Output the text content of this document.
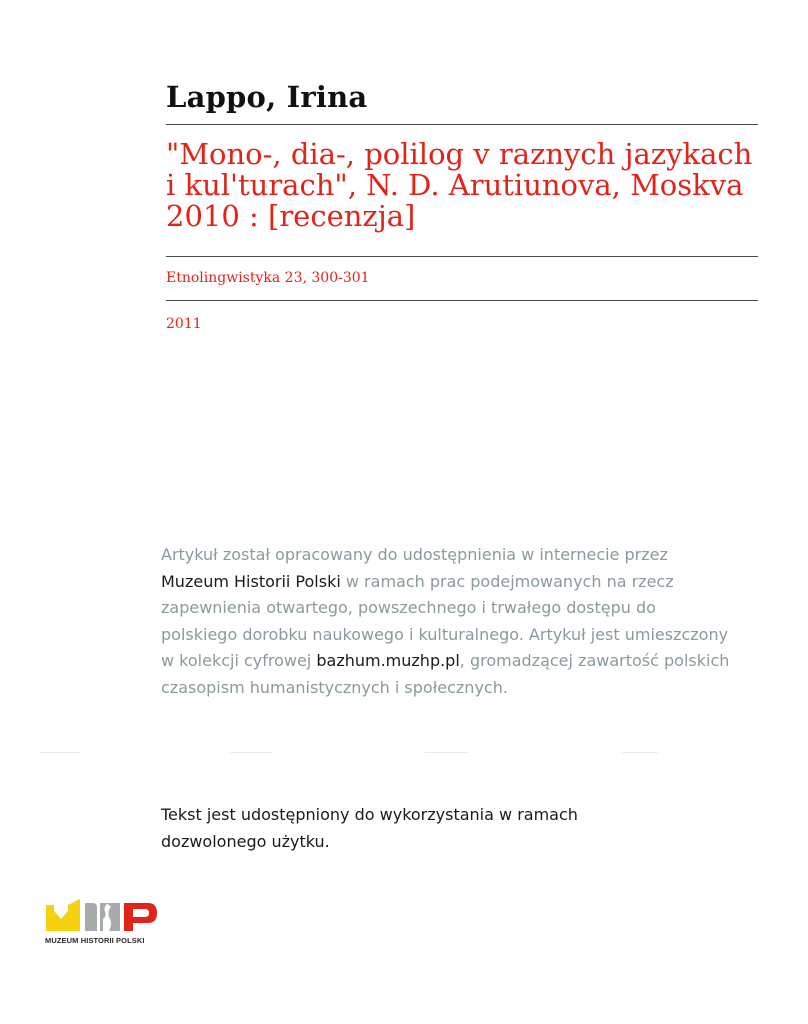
Lappo, Irina
"Mono-, dia-, polilog v raznych jazykach
i kul'turach", N. D. Arutiunova, Moskva
2010 : [recenzja]
Etnolingwistyka 23, 300-301
2011

Artykuł został opracowany do udostępnienia w internecie przez
Muzeum Historii Polski w ramach prac podejmowanych na rzecz
zapewnienia otwartego, powszechnego i trwałego dostępu do
polskiego dorobku naukowego i kulturalnego. Artykuł jest umieszczony
w kolekcji cyfrowej bazhum.muzhp.pl, gromadzącej zawartość polskich
czasopism humanistycznych i społecznych.

Tekst jest udostępniony do wykorzystania w ramach
dozwolonego użytku.

MUZEUM HISTORII POLSKI
